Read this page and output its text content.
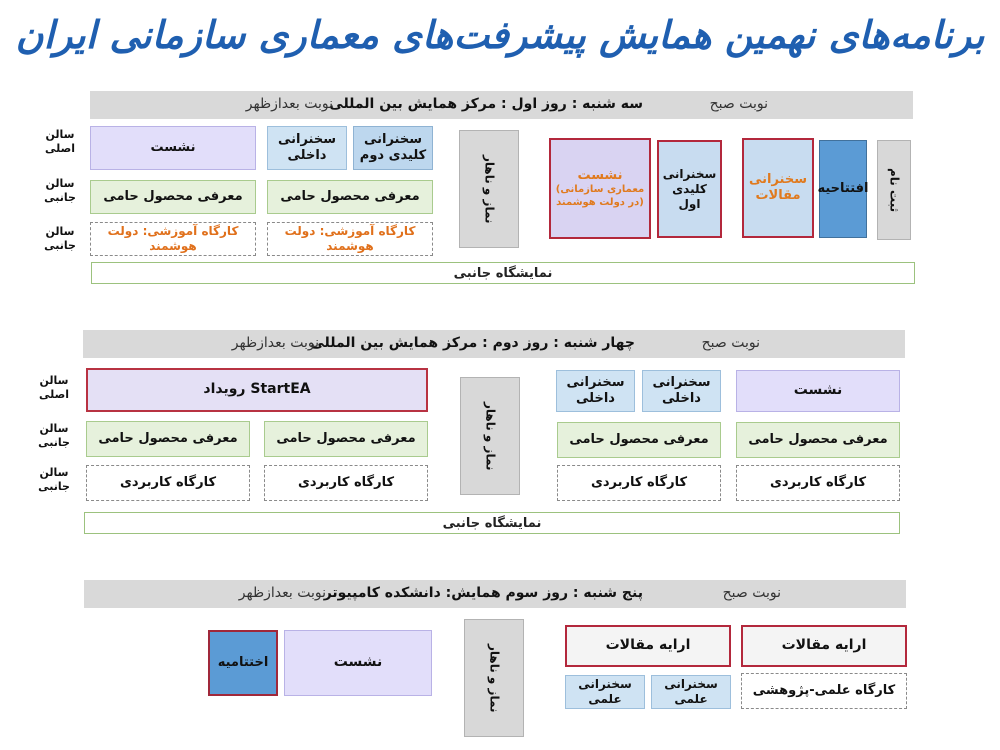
برنامه‌های نهمین همایش پیشرفت‌های معماری سازمانی ایران
نوبت صبح
سه شنبه : روز اول : مرکز همایش بین المللی
نوبت بعدازظهر
سالن اصلی
سالن جانبی
سالن جانبی
ثبت نام
افتتاحیه
سخنرانی مقالات
سخنرانی کلیدی اول
نشست
(معماری سازمانی در دولت هوشمند)
نماز و ناهار
سخنرانی کلیدی دوم
سخنرانی داخلی
نشست
معرفی محصول حامی
معرفی محصول حامی
کارگاه آموزشی: دولت هوشمند
کارگاه آموزشی: دولت هوشمند
نمایشگاه جانبی
نوبت صبح
چهار شنبه : روز دوم : مرکز همایش بین المللی
نوبت بعدازظهر
سالن اصلی
سالن جانبی
سالن جانبی
نشست
سخنرانی داخلی
سخنرانی داخلی
معرفی محصول حامی
معرفی محصول حامی
کارگاه کاربردی
کارگاه کاربردی
نماز و ناهار
رویداد StartEA
معرفی محصول حامی
معرفی محصول حامی
کارگاه کاربردی
کارگاه کاربردی
نمایشگاه جانبی
نوبت صبح
پنج شنبه : روز سوم همایش: دانشکده کامپیوتر
نوبت بعدازظهر
ارایه مقالات
ارایه مقالات
کارگاه علمی-پژوهشی
سخنرانی علمی
سخنرانی علمی
نماز و ناهار
نشست
اختتامیه
